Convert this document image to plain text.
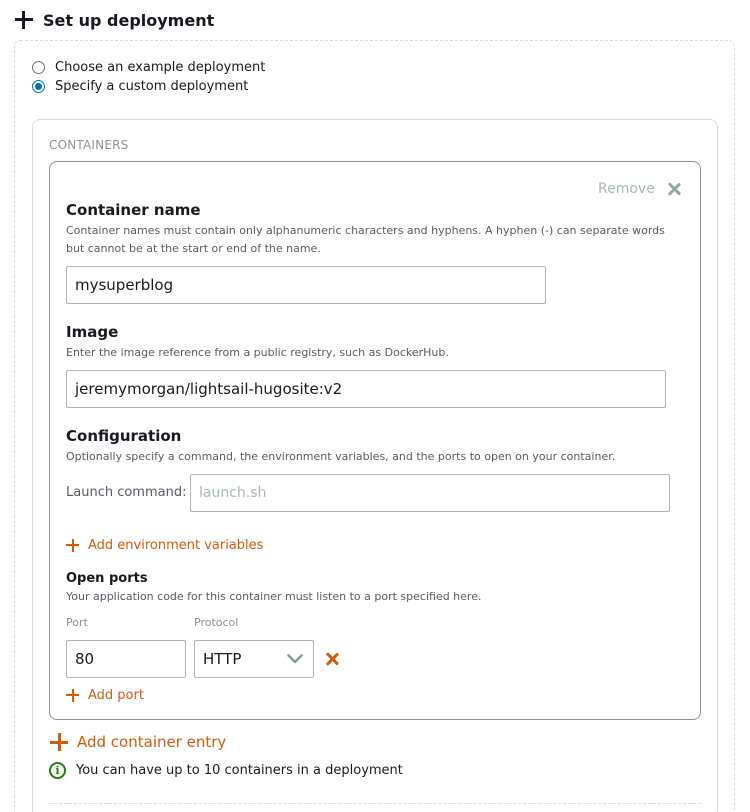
Set up deployment
Choose an example deployment
Specify a custom deployment
CONTAINERS
Remove
Container name
Container names must contain only alphanumeric characters and hyphens. A hyphen (-) can separate words
but cannot be at the start or end of the name.
mysuperblog
Image
Enter the image reference from a public registry, such as DockerHub.
jeremymorgan/lightsail-hugosite:v2
Configuration
Optionally specify a command, the environment variables, and the ports to open on your container.
Launch command: launch.sh
Add environment variables
Open ports
Your application code for this container must listen to a port specified here.
Port	Protocol
80	HTTP
Add port
Add container entry
i	You can have up to 10 containers in a deployment
